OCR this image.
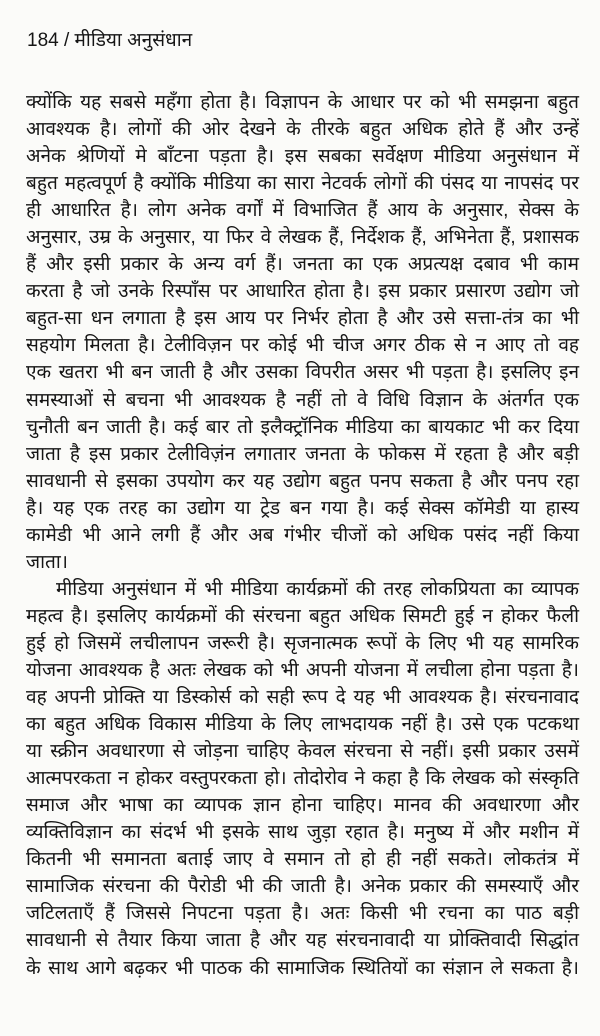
184 / मीडिया अनुसंधान
क्योंकि यह सबसे महँगा होता है। विज्ञापन के आधार पर को भी समझना बहुत
आवश्यक है। लोगों की ओर देखने के तीरके बहुत अधिक होते हैं और उन्हें
अनेक श्रेणियों मे बाँटना पड़ता है। इस सबका सर्वेक्षण मीडिया अनुसंधान में
बहुत महत्वपूर्ण है क्योंकि मीडिया का सारा नेटवर्क लोगों की पंसद या नापसंद पर
ही आधारित है। लोग अनेक वर्गों में विभाजित हैं आय के अनुसार, सेक्स के
अनुसार, उम्र के अनुसार, या फिर वे लेखक हैं, निर्देशक हैं, अभिनेता हैं, प्रशासक
हैं और इसी प्रकार के अन्य वर्ग हैं। जनता का एक अप्रत्यक्ष दबाव भी काम
करता है जो उनके रिस्पाँस पर आधारित होता है। इस प्रकार प्रसारण उद्योग जो
बहुत-सा धन लगाता है इस आय पर निर्भर होता है और उसे सत्ता-तंत्र का भी
सहयोग मिलता है। टेलीविज़न पर कोई भी चीज अगर ठीक से न आए तो वह
एक खतरा भी बन जाती है और उसका विपरीत असर भी पड़ता है। इसलिए इन
समस्याओं से बचना भी आवश्यक है नहीं तो वे विधि विज्ञान के अंतर्गत एक
चुनौती बन जाती है। कई बार तो इलैक्ट्रॉनिक मीडिया का बायकाट भी कर दिया
जाता है इस प्रकार टेलीविज़ंन लगातार जनता के फोकस में रहता है और बड़ी
सावधानी से इसका उपयोग कर यह उद्योग बहुत पनप सकता है और पनप रहा
है। यह एक तरह का उद्योग या ट्रेड बन गया है। कई सेक्स कॉमेडी या हास्य
कामेडी भी आने लगी हैं और अब गंभीर चीजों को अधिक पसंद नहीं किया
जाता।
मीडिया अनुसंधान में भी मीडिया कार्यक्रमों की तरह लोकप्रियता का व्यापक
महत्व है। इसलिए कार्यक्रमों की संरचना बहुत अधिक सिमटी हुई न होकर फैली
हुई हो जिसमें लचीलापन जरूरी है। सृजनात्मक रूपों के लिए भी यह सामरिक
योजना आवश्यक है अतः लेखक को भी अपनी योजना में लचीला होना पड़ता है।
वह अपनी प्रोक्ति या डिस्कोर्स को सही रूप दे यह भी आवश्यक है। संरचनावाद
का बहुत अधिक विकास मीडिया के लिए लाभदायक नहीं है। उसे एक पटकथा
या स्क्रीन अवधारणा से जोड़ना चाहिए केवल संरचना से नहीं। इसी प्रकार उसमें
आत्मपरकता न होकर वस्तुपरकता हो। तोदोरोव ने कहा है कि लेखक को संस्कृति
समाज और भाषा का व्यापक ज्ञान होना चाहिए। मानव की अवधारणा और
व्यक्तिविज्ञान का संदर्भ भी इसके साथ जुड़ा रहात है। मनुष्य में और मशीन में
कितनी भी समानता बताई जाए वे समान तो हो ही नहीं सकते। लोकतंत्र में
सामाजिक संरचना की पैरोडी भी की जाती है। अनेक प्रकार की समस्याएँ और
जटिलताएँ हैं जिससे निपटना पड़ता है। अतः किसी भी रचना का पाठ बड़ी
सावधानी से तैयार किया जाता है और यह संरचनावादी या प्रोक्तिवादी सिद्धांत
के साथ आगे बढ़कर भी पाठक की सामाजिक स्थितियों का संज्ञान ले सकता है।
